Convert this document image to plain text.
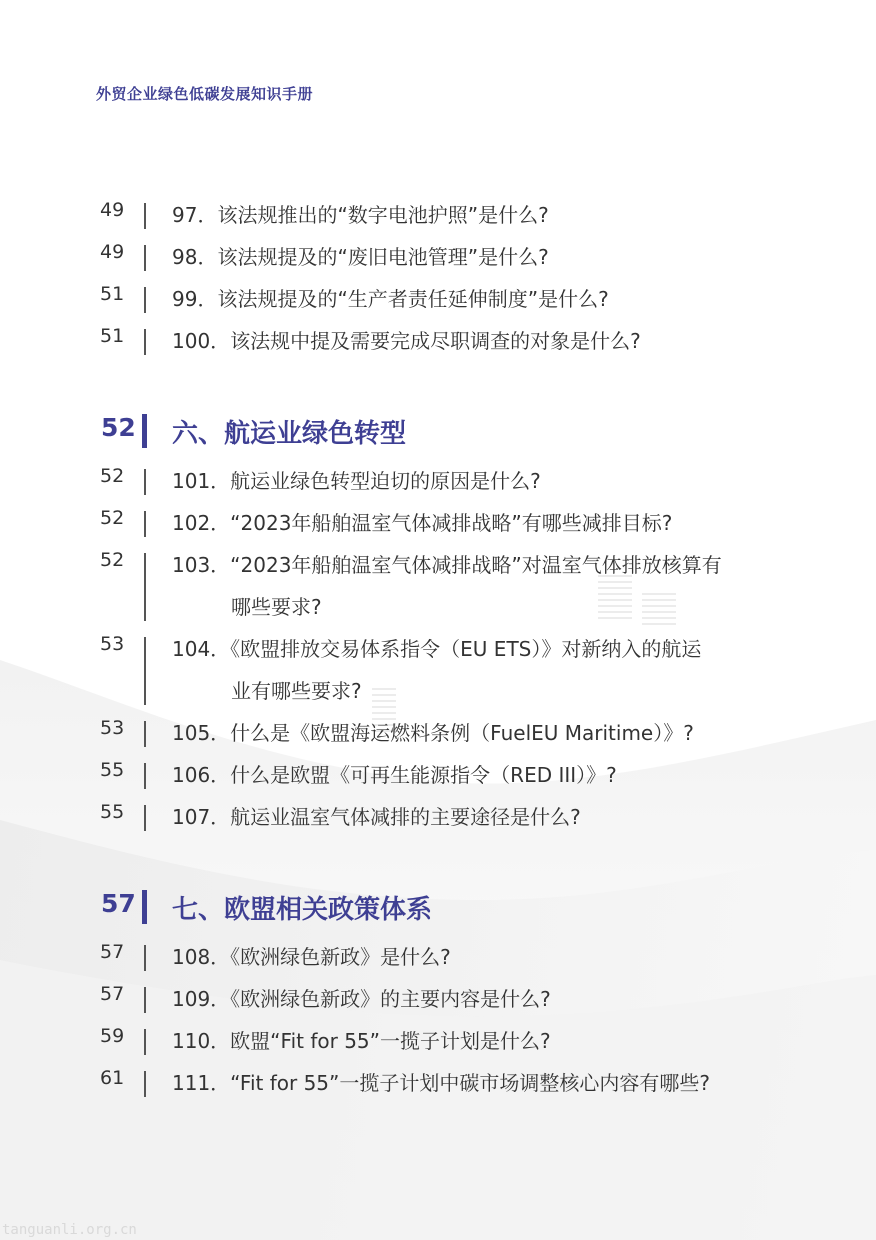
外贸企业绿色低碳发展知识手册
49 97．该法规推出的“数字电池护照”是什么?
49 98．该法规提及的“废旧电池管理”是什么?
51 99．该法规提及的“生产者责任延伸制度”是什么?
51 100．该法规中提及需要完成尽职调查的对象是什么?
52 六、航运业绿色转型
52 101．航运业绿色转型迫切的原因是什么?
52 102．“2023年船舶温室气体减排战略”有哪些减排目标?
52 103．“2023年船舶温室气体减排战略”对温室气体排放核算有
哪些要求?
53 104．《欧盟排放交易体系指令（EU ETS）》对新纳入的航运
业有哪些要求?
53 105．什么是《欧盟海运燃料条例（FuelEU Maritime）》?
55 106．什么是欧盟《可再生能源指令（RED III）》?
55 107．航运业温室气体减排的主要途径是什么?
57 七、欧盟相关政策体系
57 108．《欧洲绿色新政》是什么?
57 109．《欧洲绿色新政》的主要内容是什么?
59 110．欧盟“Fit for 55”一揽子计划是什么?
61 111．“Fit for 55”一揽子计划中碳市场调整核心内容有哪些?
tanguanli.org.cn
